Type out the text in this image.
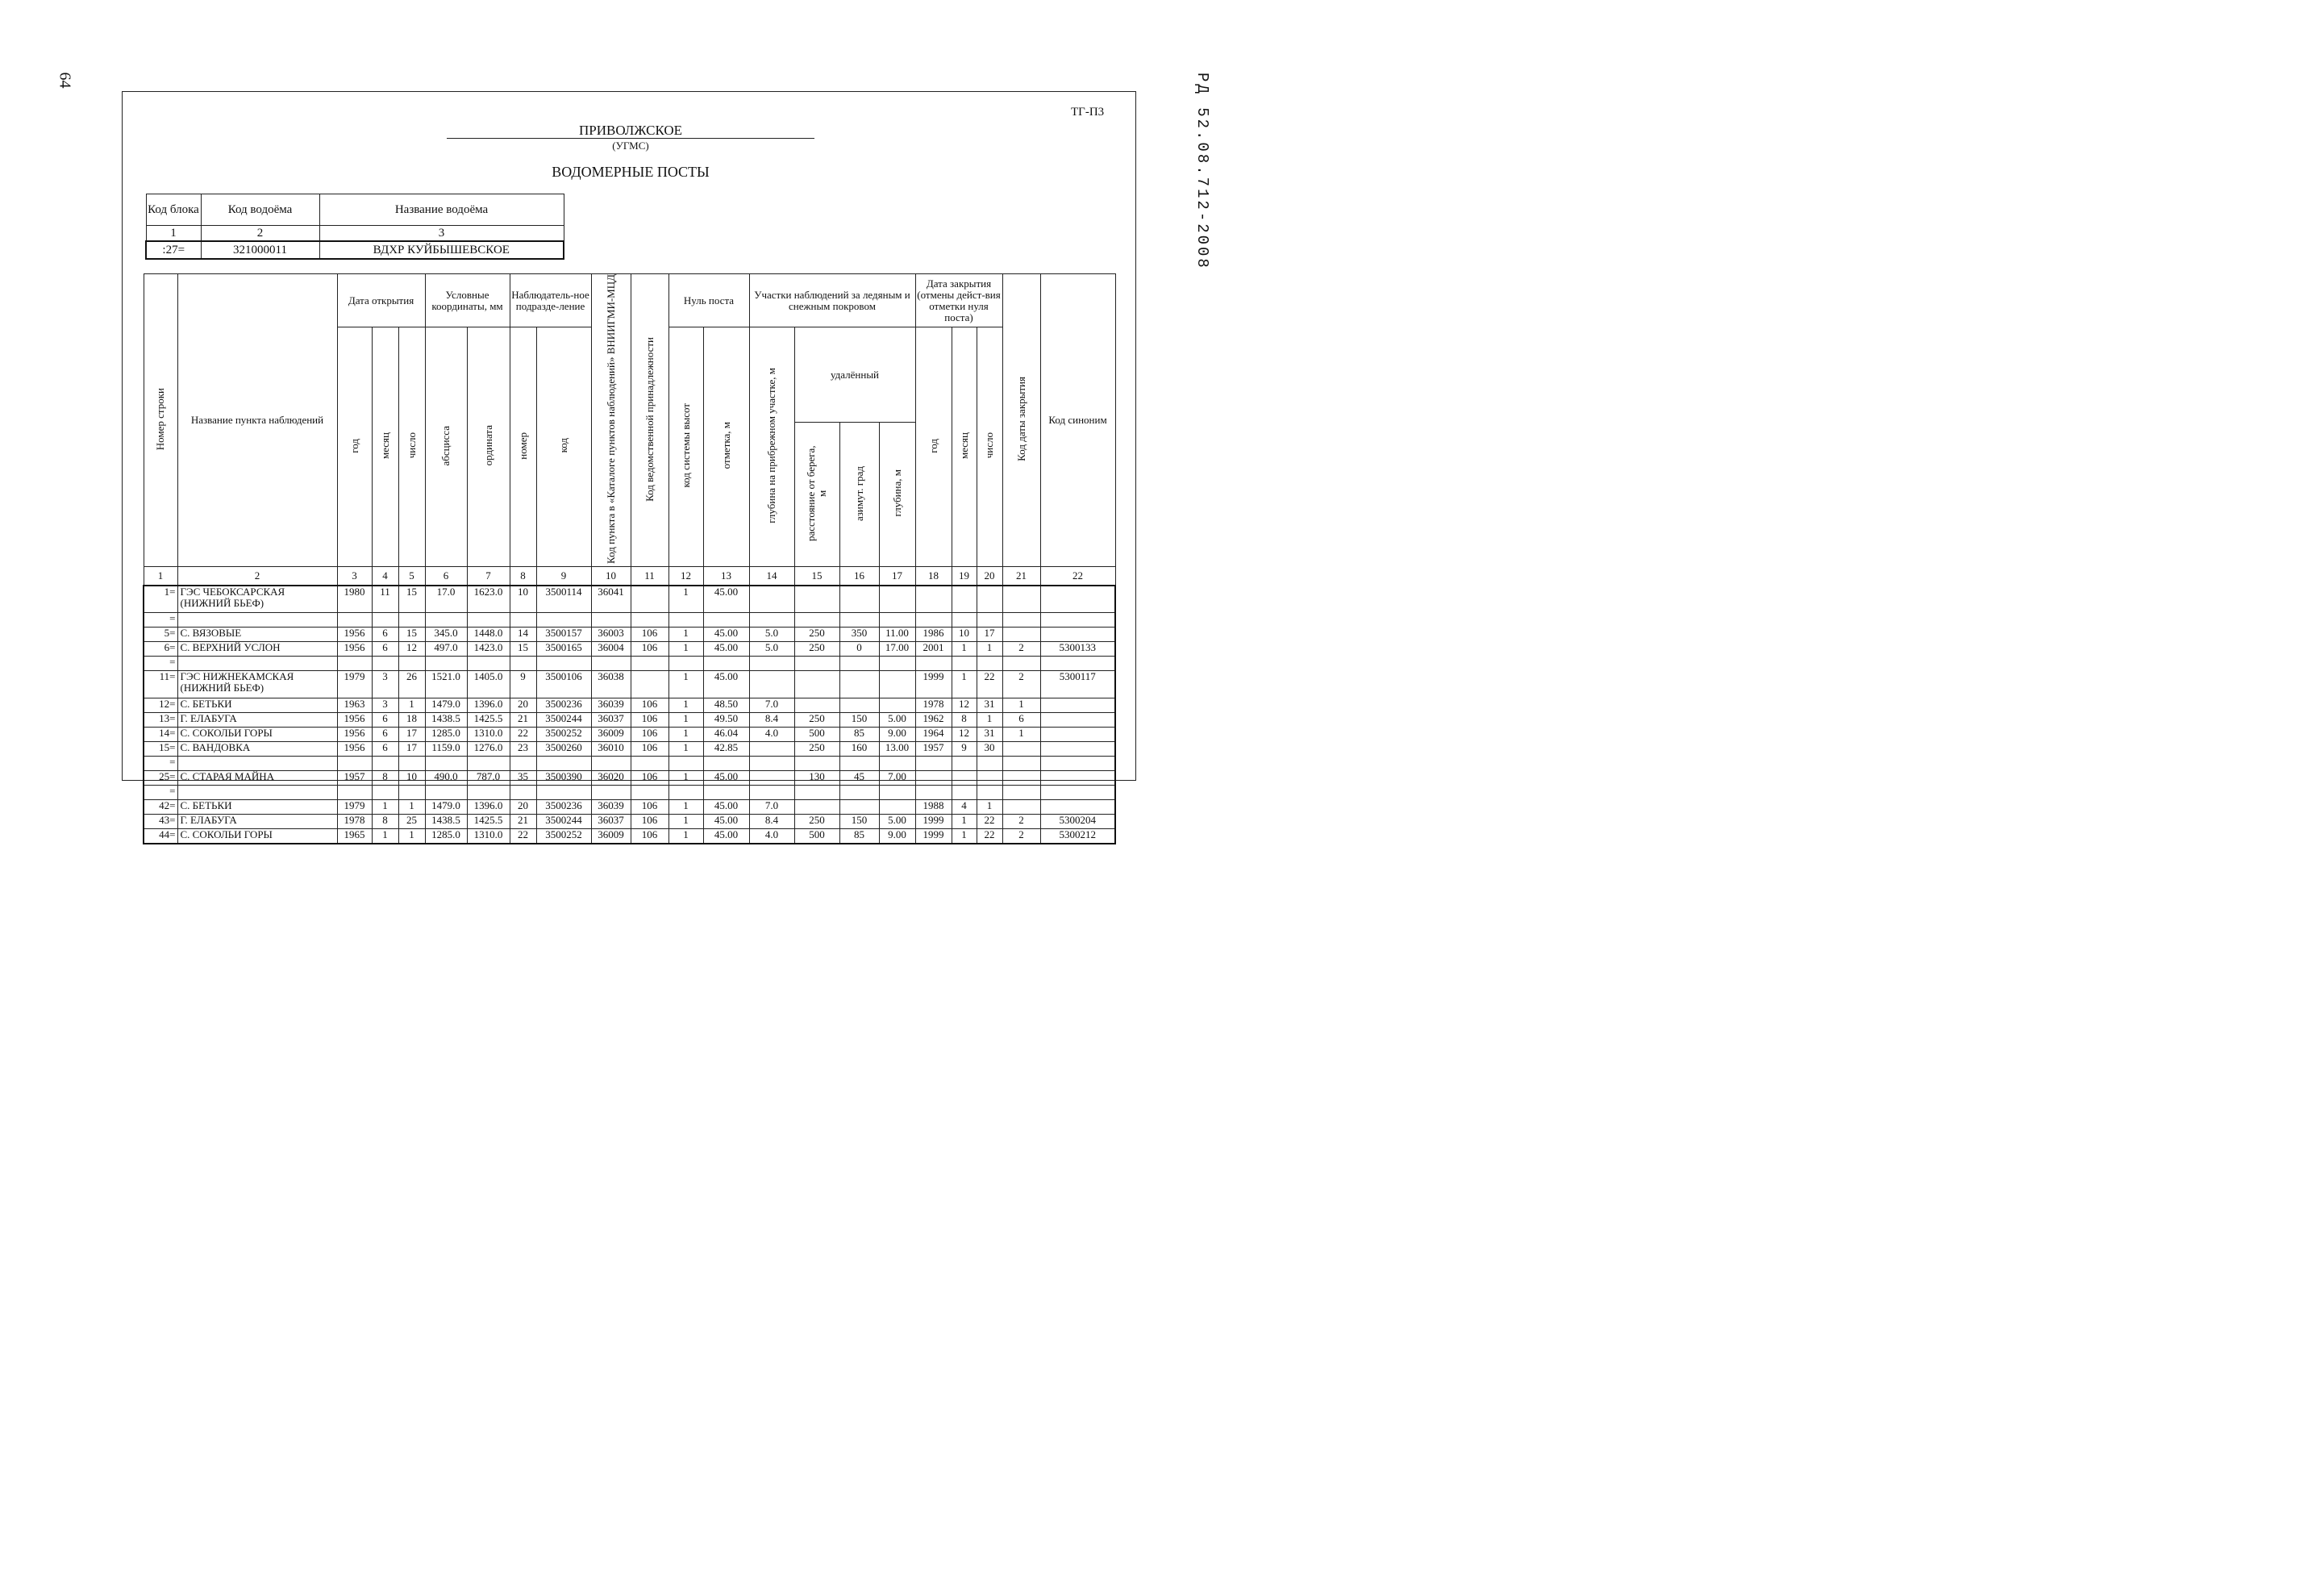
64	РД 52.08.712-2008
ТГ-П3
ПРИВОЛЖСКОЕ
(УГМС)
ВОДОМЕРНЫЕ ПОСТЫ
Код блока	Код водоёма	Название водоёма
1	2	3
:27=	321000011	ВДХР КУЙБЫШЕВСКОЕ
Номер строки	Название пункта наблюдений	Дата открытия			Условные координаты, мм		Наблюдатель-ное подразде-ление		Код пункта в «Каталоге пунктов наблюдений» ВНИИГМИ-МЦД	Код ведомственной принадлежности	Нуль поста		Участки наблюдений за ледяным и снежным покровом				Дата закрытия (отмены дейст-вия отметки нуля поста)			Код даты закрытия	Код синоним
		год	месяц	число	абсцисса	ордината	номер	код			код системы высот	отметка, м	глубина на прибрежном участке, м	удалённый			год	месяц	число		
														расстояние от берега, м	азимут. град	глубина, м					
1	2	3	4	5	6	7	8	9	10	11	12	13	14	15	16	17	18	19	20	21	22
1=	ГЭС ЧЕБОКСАРСКАЯ (НИЖНИЙ БЬЕФ)	1980	11	15	17.0	1623.0	10	3500114	36041		1	45.00									
=																					
5=	С. ВЯЗОВЫЕ	1956	6	15	345.0	1448.0	14	3500157	36003	106	1	45.00	5.0	250	350	11.00	1986	10	17		
6=	С. ВЕРХНИЙ УСЛОН	1956	6	12	497.0	1423.0	15	3500165	36004	106	1	45.00	5.0	250	0	17.00	2001	1	1	2	5300133
=																					
11=	ГЭС НИЖНЕКАМСКАЯ (НИЖНИЙ БЬЕФ)	1979	3	26	1521.0	1405.0	9	3500106	36038		1	45.00					1999	1	22	2	5300117
12=	С. БЕТЬКИ	1963	3	1	1479.0	1396.0	20	3500236	36039	106	1	48.50	7.0				1978	12	31	1	
13=	Г. ЕЛАБУГА	1956	6	18	1438.5	1425.5	21	3500244	36037	106	1	49.50	8.4	250	150	5.00	1962	8	1	6	
14=	С. СОКОЛЬИ ГОРЫ	1956	6	17	1285.0	1310.0	22	3500252	36009	106	1	46.04	4.0	500	85	9.00	1964	12	31	1	
15=	С. ВАНДОВКА	1956	6	17	1159.0	1276.0	23	3500260	36010	106	1	42.85		250	160	13.00	1957	9	30		
=																					
25=	С. СТАРАЯ МАЙНА	1957	8	10	490.0	787.0	35	3500390	36020	106	1	45.00		130	45	7.00					
=																					
42=	С. БЕТЬКИ	1979	1	1	1479.0	1396.0	20	3500236	36039	106	1	45.00	7.0				1988	4	1		
43=	Г. ЕЛАБУГА	1978	8	25	1438.5	1425.5	21	3500244	36037	106	1	45.00	8.4	250	150	5.00	1999	1	22	2	5300204
44=	С. СОКОЛЬИ ГОРЫ	1965	1	1	1285.0	1310.0	22	3500252	36009	106	1	45.00	4.0	500	85	9.00	1999	1	22	2	5300212
